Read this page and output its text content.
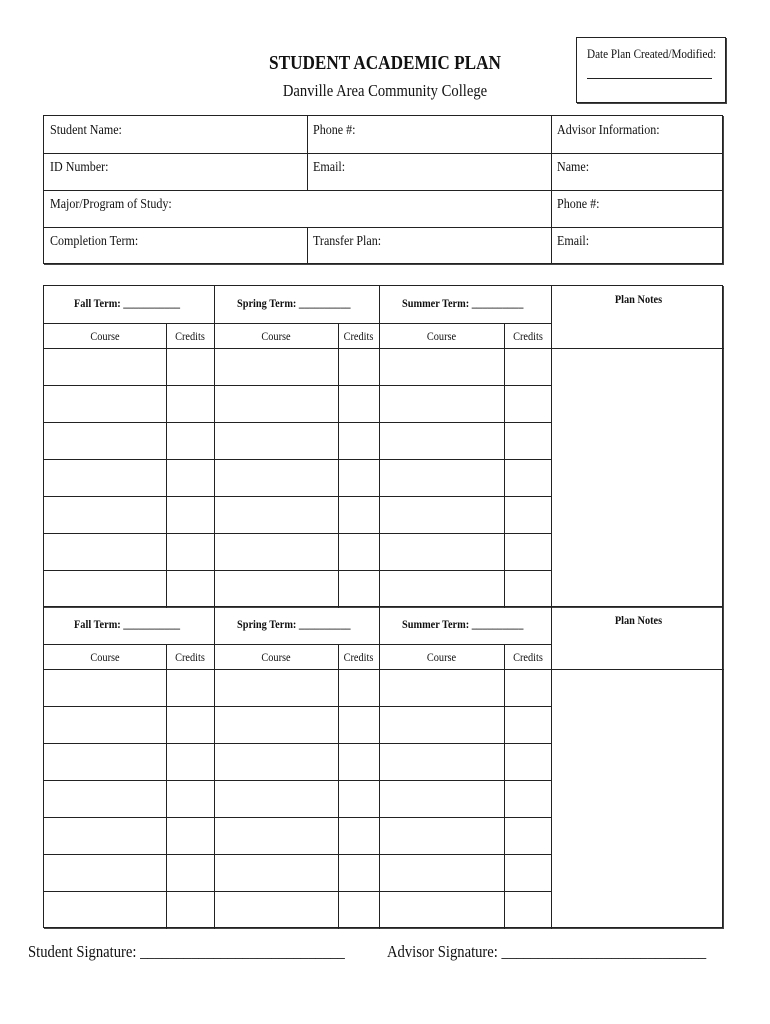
STUDENT ACADEMIC PLAN
Danville Area Community College
Date Plan Created/Modified:
Student Name:	Phone #:	Advisor Information:
ID Number:	Email:	Name:
Major/Program of Study:	Phone #:
Completion Term:	Transfer Plan:	Email:
Fall Term: ___________	Spring Term: __________	Summer Term: __________	Plan Notes
Course	Credits	Course	Credits	Course	Credits
Fall Term: ___________	Spring Term: __________	Summer Term: __________	Plan Notes
Course	Credits	Course	Credits	Course	Credits
Student Signature: ____________________________ Advisor Signature: ____________________________
